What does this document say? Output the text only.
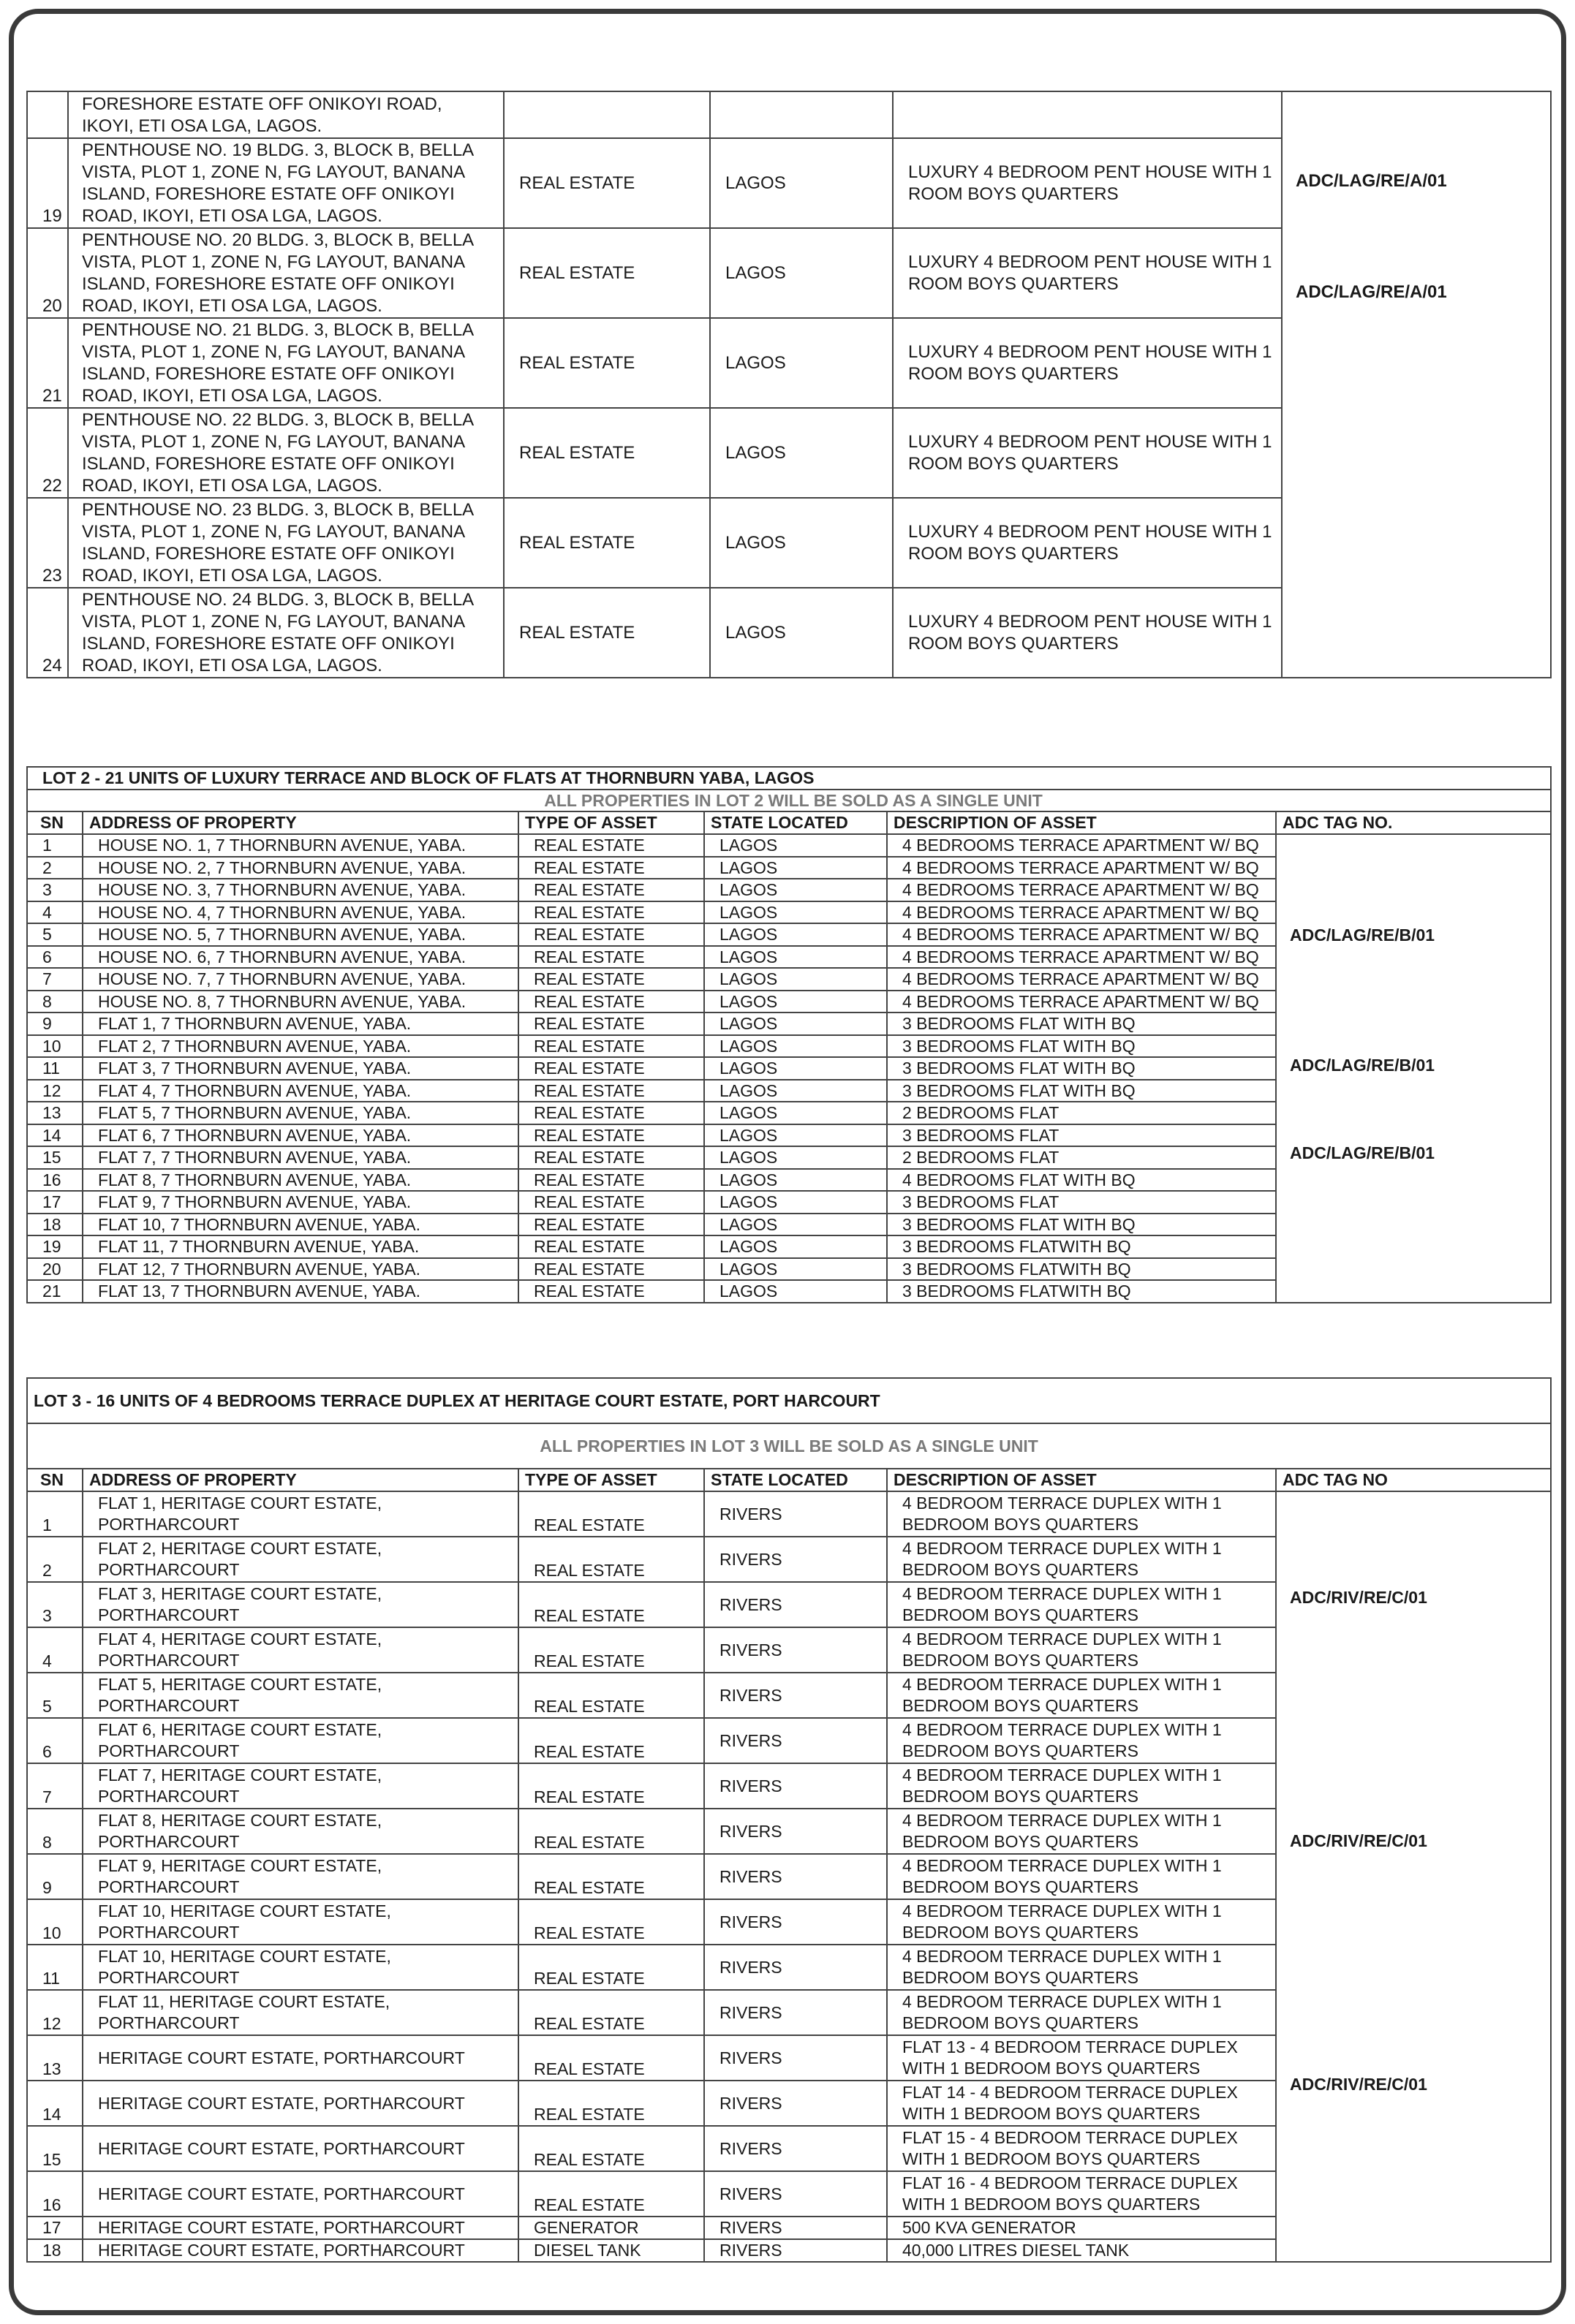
	FORESHORE ESTATE OFF ONIKOYI ROAD, IKOYI, ETI OSA LGA, LAGOS.				ADC/LAG/RE/A/01
ADC/LAG/RE/A/01

19	PENTHOUSE NO. 19 BLDG. 3, BLOCK B, BELLA VISTA, PLOT 1, ZONE N, FG LAYOUT, BANANA ISLAND, FORESHORE ESTATE OFF ONIKOYI ROAD, IKOYI, ETI OSA LGA, LAGOS.	REAL ESTATE	LAGOS	LUXURY 4 BEDROOM PENT HOUSE WITH 1 ROOM BOYS QUARTERS	
20	PENTHOUSE NO. 20 BLDG. 3, BLOCK B, BELLA VISTA, PLOT 1, ZONE N, FG LAYOUT, BANANA ISLAND, FORESHORE ESTATE OFF ONIKOYI ROAD, IKOYI, ETI OSA LGA, LAGOS.	REAL ESTATE	LAGOS	LUXURY 4 BEDROOM PENT HOUSE WITH 1 ROOM BOYS QUARTERS	
21	PENTHOUSE NO. 21 BLDG. 3, BLOCK B, BELLA VISTA, PLOT 1, ZONE N, FG LAYOUT, BANANA ISLAND, FORESHORE ESTATE OFF ONIKOYI ROAD, IKOYI, ETI OSA LGA, LAGOS.	REAL ESTATE	LAGOS	LUXURY 4 BEDROOM PENT HOUSE WITH 1 ROOM BOYS QUARTERS	
22	PENTHOUSE NO. 22 BLDG. 3, BLOCK B, BELLA VISTA, PLOT 1, ZONE N, FG LAYOUT, BANANA ISLAND, FORESHORE ESTATE OFF ONIKOYI ROAD, IKOYI, ETI OSA LGA, LAGOS.	REAL ESTATE	LAGOS	LUXURY 4 BEDROOM PENT HOUSE WITH 1 ROOM BOYS QUARTERS	
23	PENTHOUSE NO. 23 BLDG. 3, BLOCK B, BELLA VISTA, PLOT 1, ZONE N, FG LAYOUT, BANANA ISLAND, FORESHORE ESTATE OFF ONIKOYI ROAD, IKOYI, ETI OSA LGA, LAGOS.	REAL ESTATE	LAGOS	LUXURY 4 BEDROOM PENT HOUSE WITH 1 ROOM BOYS QUARTERS	
24	PENTHOUSE NO. 24 BLDG. 3, BLOCK B, BELLA VISTA, PLOT 1, ZONE N, FG LAYOUT, BANANA ISLAND, FORESHORE ESTATE OFF ONIKOYI ROAD, IKOYI, ETI OSA LGA, LAGOS.	REAL ESTATE	LAGOS	LUXURY 4 BEDROOM PENT HOUSE WITH 1 ROOM BOYS QUARTERS	
LOT 2 - 21 UNITS OF LUXURY TERRACE AND BLOCK OF FLATS AT THORNBURN YABA, LAGOS					
ALL PROPERTIES IN LOT 2 WILL BE SOLD AS A SINGLE UNIT					
SN	ADDRESS OF PROPERTY	TYPE OF ASSET	STATE LOCATED	DESCRIPTION OF ASSET	ADC TAG NO.
1	HOUSE NO. 1, 7 THORNBURN AVENUE, YABA.	REAL ESTATE	LAGOS	4 BEDROOMS TERRACE APARTMENT W/ BQ	ADC/LAG/RE/B/01
ADC/LAG/RE/B/01
ADC/LAG/RE/B/01

2	HOUSE NO. 2, 7 THORNBURN AVENUE, YABA.	REAL ESTATE	LAGOS	4 BEDROOMS TERRACE APARTMENT W/ BQ	
3	HOUSE NO. 3, 7 THORNBURN AVENUE, YABA.	REAL ESTATE	LAGOS	4 BEDROOMS TERRACE APARTMENT W/ BQ	
4	HOUSE NO. 4, 7 THORNBURN AVENUE, YABA.	REAL ESTATE	LAGOS	4 BEDROOMS TERRACE APARTMENT W/ BQ	
5	HOUSE NO. 5, 7 THORNBURN AVENUE, YABA.	REAL ESTATE	LAGOS	4 BEDROOMS TERRACE APARTMENT W/ BQ	
6	HOUSE NO. 6, 7 THORNBURN AVENUE, YABA.	REAL ESTATE	LAGOS	4 BEDROOMS TERRACE APARTMENT W/ BQ	
7	HOUSE NO. 7, 7 THORNBURN AVENUE, YABA.	REAL ESTATE	LAGOS	4 BEDROOMS TERRACE APARTMENT W/ BQ	
8	HOUSE NO. 8, 7 THORNBURN AVENUE, YABA.	REAL ESTATE	LAGOS	4 BEDROOMS TERRACE APARTMENT W/ BQ	
9	FLAT 1, 7 THORNBURN AVENUE, YABA.	REAL ESTATE	LAGOS	3 BEDROOMS FLAT WITH BQ	
10	FLAT 2, 7 THORNBURN AVENUE, YABA.	REAL ESTATE	LAGOS	3 BEDROOMS FLAT WITH BQ	
11	FLAT 3, 7 THORNBURN AVENUE, YABA.	REAL ESTATE	LAGOS	3 BEDROOMS FLAT WITH BQ	
12	FLAT 4, 7 THORNBURN AVENUE, YABA.	REAL ESTATE	LAGOS	3 BEDROOMS FLAT WITH BQ	
13	FLAT 5, 7 THORNBURN AVENUE, YABA.	REAL ESTATE	LAGOS	2 BEDROOMS FLAT	
14	FLAT 6, 7 THORNBURN AVENUE, YABA.	REAL ESTATE	LAGOS	3 BEDROOMS FLAT	
15	FLAT 7, 7 THORNBURN AVENUE, YABA.	REAL ESTATE	LAGOS	2 BEDROOMS FLAT	
16	FLAT 8, 7 THORNBURN AVENUE, YABA.	REAL ESTATE	LAGOS	4 BEDROOMS FLAT WITH BQ	
17	FLAT 9, 7 THORNBURN AVENUE, YABA.	REAL ESTATE	LAGOS	3 BEDROOMS FLAT	
18	FLAT 10, 7 THORNBURN AVENUE, YABA.	REAL ESTATE	LAGOS	3 BEDROOMS FLAT WITH BQ	
19	FLAT 11, 7 THORNBURN AVENUE, YABA.	REAL ESTATE	LAGOS	3 BEDROOMS FLATWITH BQ	
20	FLAT 12, 7 THORNBURN AVENUE, YABA.	REAL ESTATE	LAGOS	3 BEDROOMS FLATWITH BQ	
21	FLAT 13, 7 THORNBURN AVENUE, YABA.	REAL ESTATE	LAGOS	3 BEDROOMS FLATWITH BQ	
LOT 3 - 16 UNITS OF 4 BEDROOMS TERRACE DUPLEX AT HERITAGE COURT ESTATE, PORT HARCOURT					
ALL PROPERTIES IN LOT 3 WILL BE SOLD AS A SINGLE UNIT					
SN	ADDRESS OF PROPERTY	TYPE OF ASSET	STATE LOCATED	DESCRIPTION OF ASSET	ADC TAG NO
1	FLAT 1, HERITAGE COURT ESTATE, PORTHARCOURT	REAL ESTATE	RIVERS	4 BEDROOM TERRACE DUPLEX WITH 1 BEDROOM BOYS QUARTERS	ADC/RIV/RE/C/01
ADC/RIV/RE/C/01
ADC/RIV/RE/C/01

2	FLAT 2, HERITAGE COURT ESTATE, PORTHARCOURT	REAL ESTATE	RIVERS	4 BEDROOM TERRACE DUPLEX WITH 1 BEDROOM BOYS QUARTERS	
3	FLAT 3, HERITAGE COURT ESTATE, PORTHARCOURT	REAL ESTATE	RIVERS	4 BEDROOM TERRACE DUPLEX WITH 1 BEDROOM BOYS QUARTERS	
4	FLAT 4, HERITAGE COURT ESTATE, PORTHARCOURT	REAL ESTATE	RIVERS	4 BEDROOM TERRACE DUPLEX WITH 1 BEDROOM BOYS QUARTERS	
5	FLAT 5, HERITAGE COURT ESTATE, PORTHARCOURT	REAL ESTATE	RIVERS	4 BEDROOM TERRACE DUPLEX WITH 1 BEDROOM BOYS QUARTERS	
6	FLAT 6, HERITAGE COURT ESTATE, PORTHARCOURT	REAL ESTATE	RIVERS	4 BEDROOM TERRACE DUPLEX WITH 1 BEDROOM BOYS QUARTERS	
7	FLAT 7, HERITAGE COURT ESTATE, PORTHARCOURT	REAL ESTATE	RIVERS	4 BEDROOM TERRACE DUPLEX WITH 1 BEDROOM BOYS QUARTERS	
8	FLAT 8, HERITAGE COURT ESTATE, PORTHARCOURT	REAL ESTATE	RIVERS	4 BEDROOM TERRACE DUPLEX WITH 1 BEDROOM BOYS QUARTERS	
9	FLAT 9, HERITAGE COURT ESTATE, PORTHARCOURT	REAL ESTATE	RIVERS	4 BEDROOM TERRACE DUPLEX WITH 1 BEDROOM BOYS QUARTERS	
10	FLAT 10, HERITAGE COURT ESTATE, PORTHARCOURT	REAL ESTATE	RIVERS	4 BEDROOM TERRACE DUPLEX WITH 1 BEDROOM BOYS QUARTERS	
11	FLAT 10, HERITAGE COURT ESTATE, PORTHARCOURT	REAL ESTATE	RIVERS	4 BEDROOM TERRACE DUPLEX WITH 1 BEDROOM BOYS QUARTERS	
12	FLAT 11, HERITAGE COURT ESTATE, PORTHARCOURT	REAL ESTATE	RIVERS	4 BEDROOM TERRACE DUPLEX WITH 1 BEDROOM BOYS QUARTERS	
13	HERITAGE COURT ESTATE, PORTHARCOURT	REAL ESTATE	RIVERS	FLAT 13 - 4 BEDROOM TERRACE DUPLEX WITH 1 BEDROOM BOYS QUARTERS	
14	HERITAGE COURT ESTATE, PORTHARCOURT	REAL ESTATE	RIVERS	FLAT 14 - 4 BEDROOM TERRACE DUPLEX WITH 1 BEDROOM BOYS QUARTERS	
15	HERITAGE COURT ESTATE, PORTHARCOURT	REAL ESTATE	RIVERS	FLAT 15 - 4 BEDROOM TERRACE DUPLEX WITH 1 BEDROOM BOYS QUARTERS	
16	HERITAGE COURT ESTATE, PORTHARCOURT	REAL ESTATE	RIVERS	FLAT 16 - 4 BEDROOM TERRACE DUPLEX WITH 1 BEDROOM BOYS QUARTERS	
17	HERITAGE COURT ESTATE, PORTHARCOURT	GENERATOR	RIVERS	500 KVA GENERATOR	
18	HERITAGE COURT ESTATE, PORTHARCOURT	DIESEL TANK	RIVERS	40,000 LITRES DIESEL TANK	
